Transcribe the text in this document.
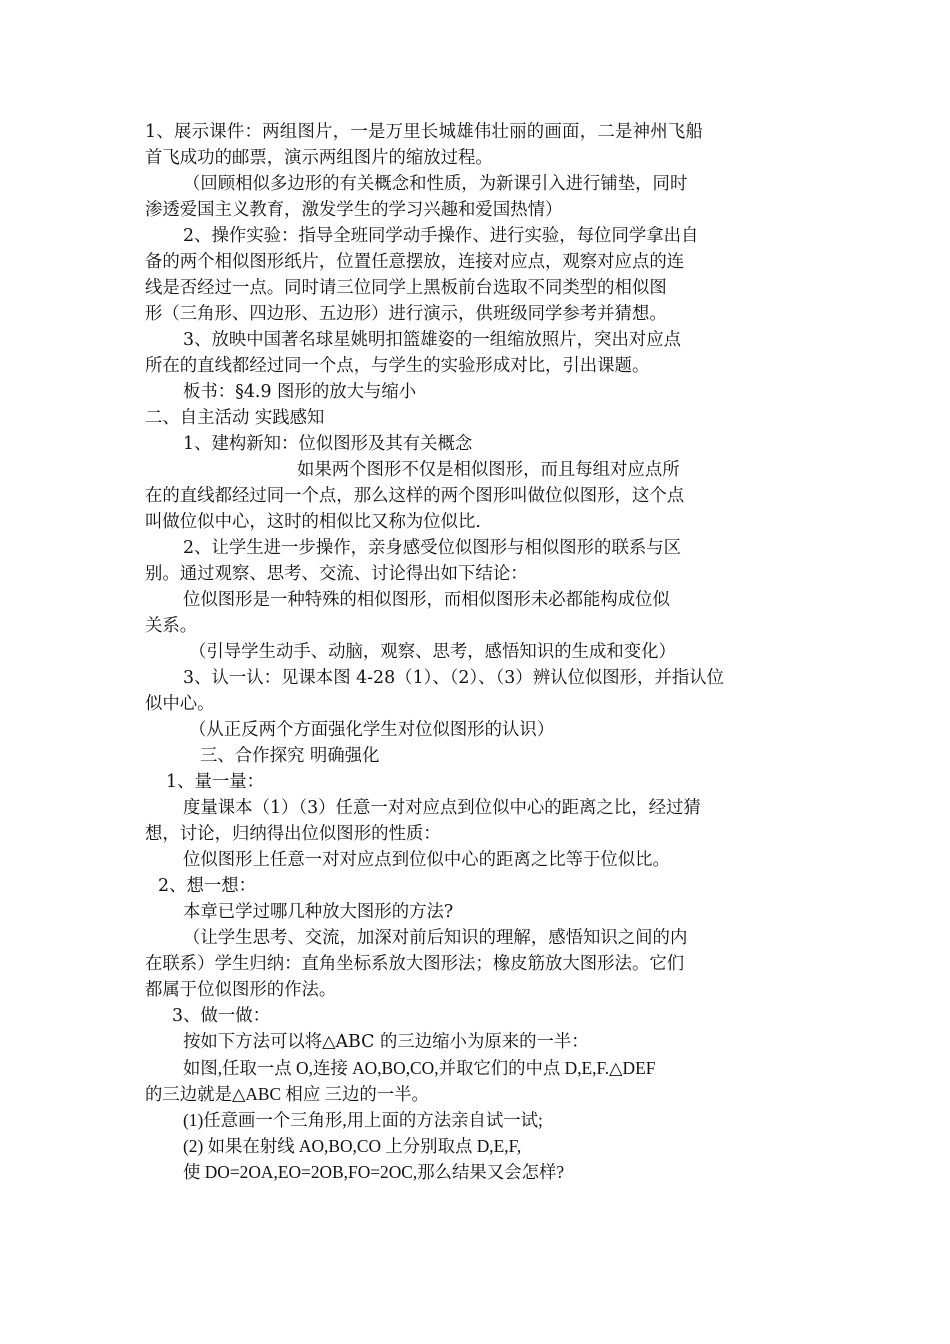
1、展示课件：两组图片，一是万里长城雄伟壮丽的画面，二是神州飞船
首飞成功的邮票，演示两组图片的缩放过程。
（回顾相似多边形的有关概念和性质，为新课引入进行铺垫，同时
渗透爱国主义教育，激发学生的学习兴趣和爱国热情）
2、操作实验：指导全班同学动手操作、进行实验，每位同学拿出自
备的两个相似图形纸片，位置任意摆放，连接对应点，观察对应点的连
线是否经过一点。同时请三位同学上黑板前台选取不同类型的相似图
形（三角形、四边形、五边形）进行演示，供班级同学参考并猜想。
3、放映中国著名球星姚明扣篮雄姿的一组缩放照片，突出对应点
所在的直线都经过同一个点，与学生的实验形成对比，引出课题。
板书：§4.9 图形的放大与缩小
二、自主活动 实践感知
1、建构新知：位似图形及其有关概念
如果两个图形不仅是相似图形，而且每组对应点所
在的直线都经过同一个点，那么这样的两个图形叫做位似图形，这个点
叫做位似中心，这时的相似比又称为位似比.
2、让学生进一步操作，亲身感受位似图形与相似图形的联系与区
别。通过观察、思考、交流、讨论得出如下结论：
位似图形是一种特殊的相似图形，而相似图形未必都能构成位似
关系。
（引导学生动手、动脑，观察、思考，感悟知识的生成和变化）
3、认一认：见课本图 4-28（1）、（2）、（3）辨认位似图形，并指认位
似中心。
（从正反两个方面强化学生对位似图形的认识）
三、合作探究 明确强化
1、量一量：
度量课本（1）（3）任意一对对应点到位似中心的距离之比，经过猜
想，讨论，归纳得出位似图形的性质：
位似图形上任意一对对应点到位似中心的距离之比等于位似比。
2、想一想：
本章已学过哪几种放大图形的方法?
（让学生思考、交流，加深对前后知识的理解，感悟知识之间的内
在联系）学生归纳：直角坐标系放大图形法；橡皮筋放大图形法。它们
都属于位似图形的作法。
3、做一做：
按如下方法可以将△ABC 的三边缩小为原来的一半：
如图,任取一点 O,连接 AO,BO,CO,并取它们的中点 D,E,F.△DEF
的三边就是△ABC 相应 三边的一半。
(1)任意画一个三角形,用上面的方法亲自试一试;
(2) 如果在射线 AO,BO,CO 上分别取点 D,E,F,
使 DO=2OA,EO=2OB,FO=2OC,那么结果又会怎样?
